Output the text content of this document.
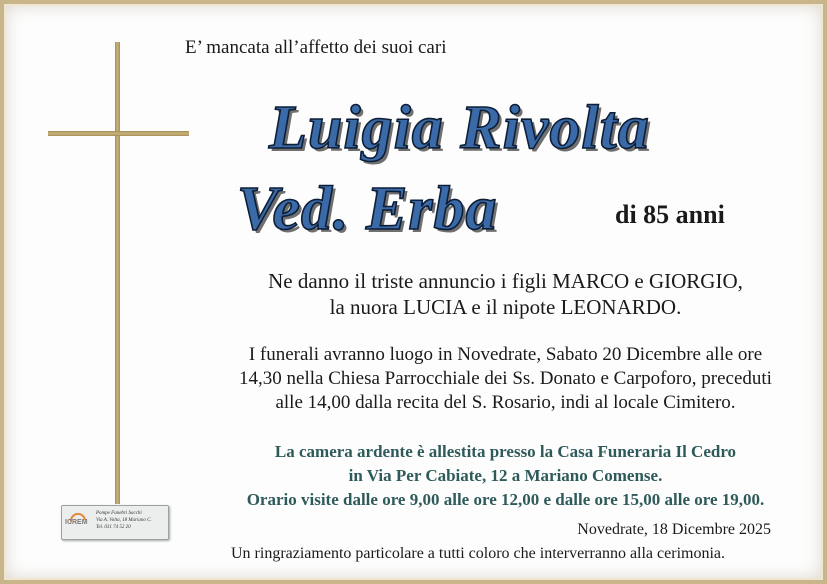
E’ mancata all’affetto dei suoi cari
Luigia Rivolta
Ved. Erba	di 85 anni
Ne danno il triste annuncio i figli MARCO e GIORGIO,
la nuora LUCIA e il nipote LEONARDO.
I funerali avranno luogo in Novedrate, Sabato 20 Dicembre alle ore
14,30 nella Chiesa Parrocchiale dei Ss. Donato e Carpoforo, preceduti
alle 14,00 dalla recita del S. Rosario, indi al locale Cimitero.
La camera ardente è allestita presso la Casa Funeraria Il Cedro
in Via Per Cabiate, 12 a Mariano Comense.
Orario visite dalle ore 9,00 alle ore 12,00 e dalle ore 15,00 alle ore 19,00.
Novedrate, 18 Dicembre 2025
Un ringraziamento particolare a tutti coloro che interverranno alla cerimonia.
ICREM
Pompe Funebri Sacchi
Via A. Volta, 18 Mariano C.
Tel. 031 74 52 20
